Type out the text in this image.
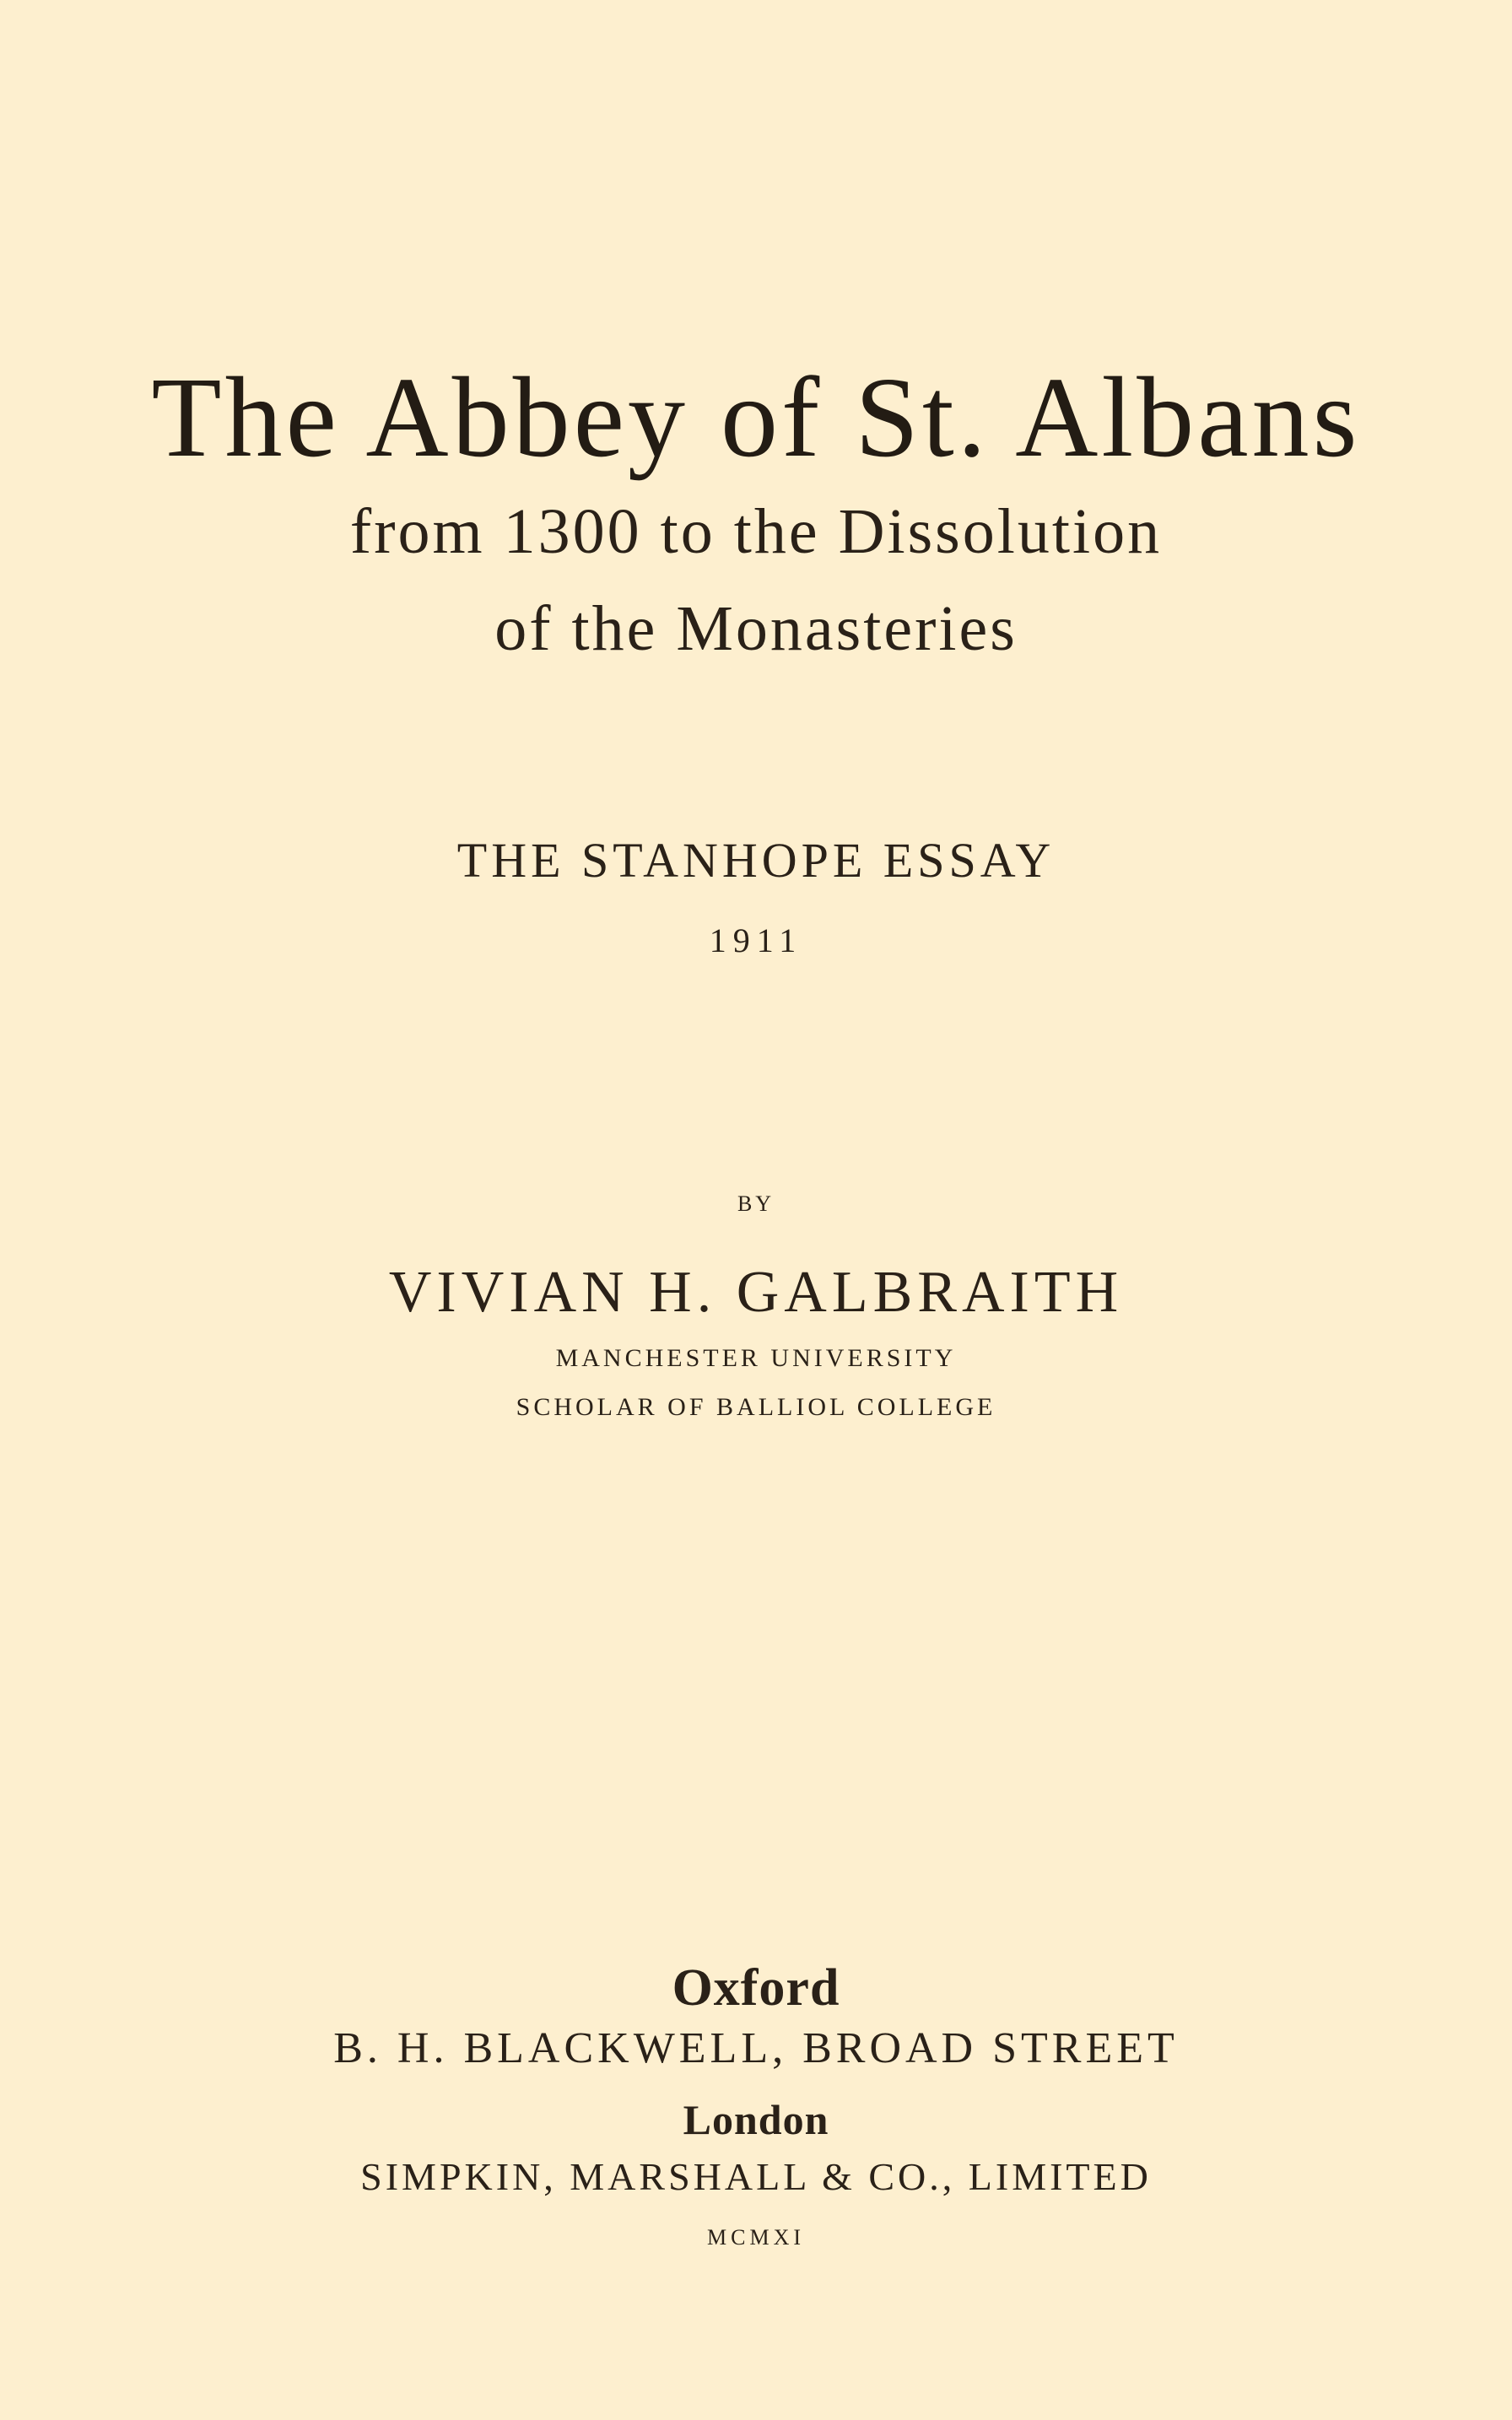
The Abbey of St. Albans
from 1300 to the Dissolution
of the Monasteries
THE STANHOPE ESSAY
1911
BY
VIVIAN H. GALBRAITH
MANCHESTER UNIVERSITY
SCHOLAR OF BALLIOL COLLEGE
Oxford
B. H. BLACKWELL, BROAD STREET
London
SIMPKIN, MARSHALL & CO., LIMITED
MCMXI
